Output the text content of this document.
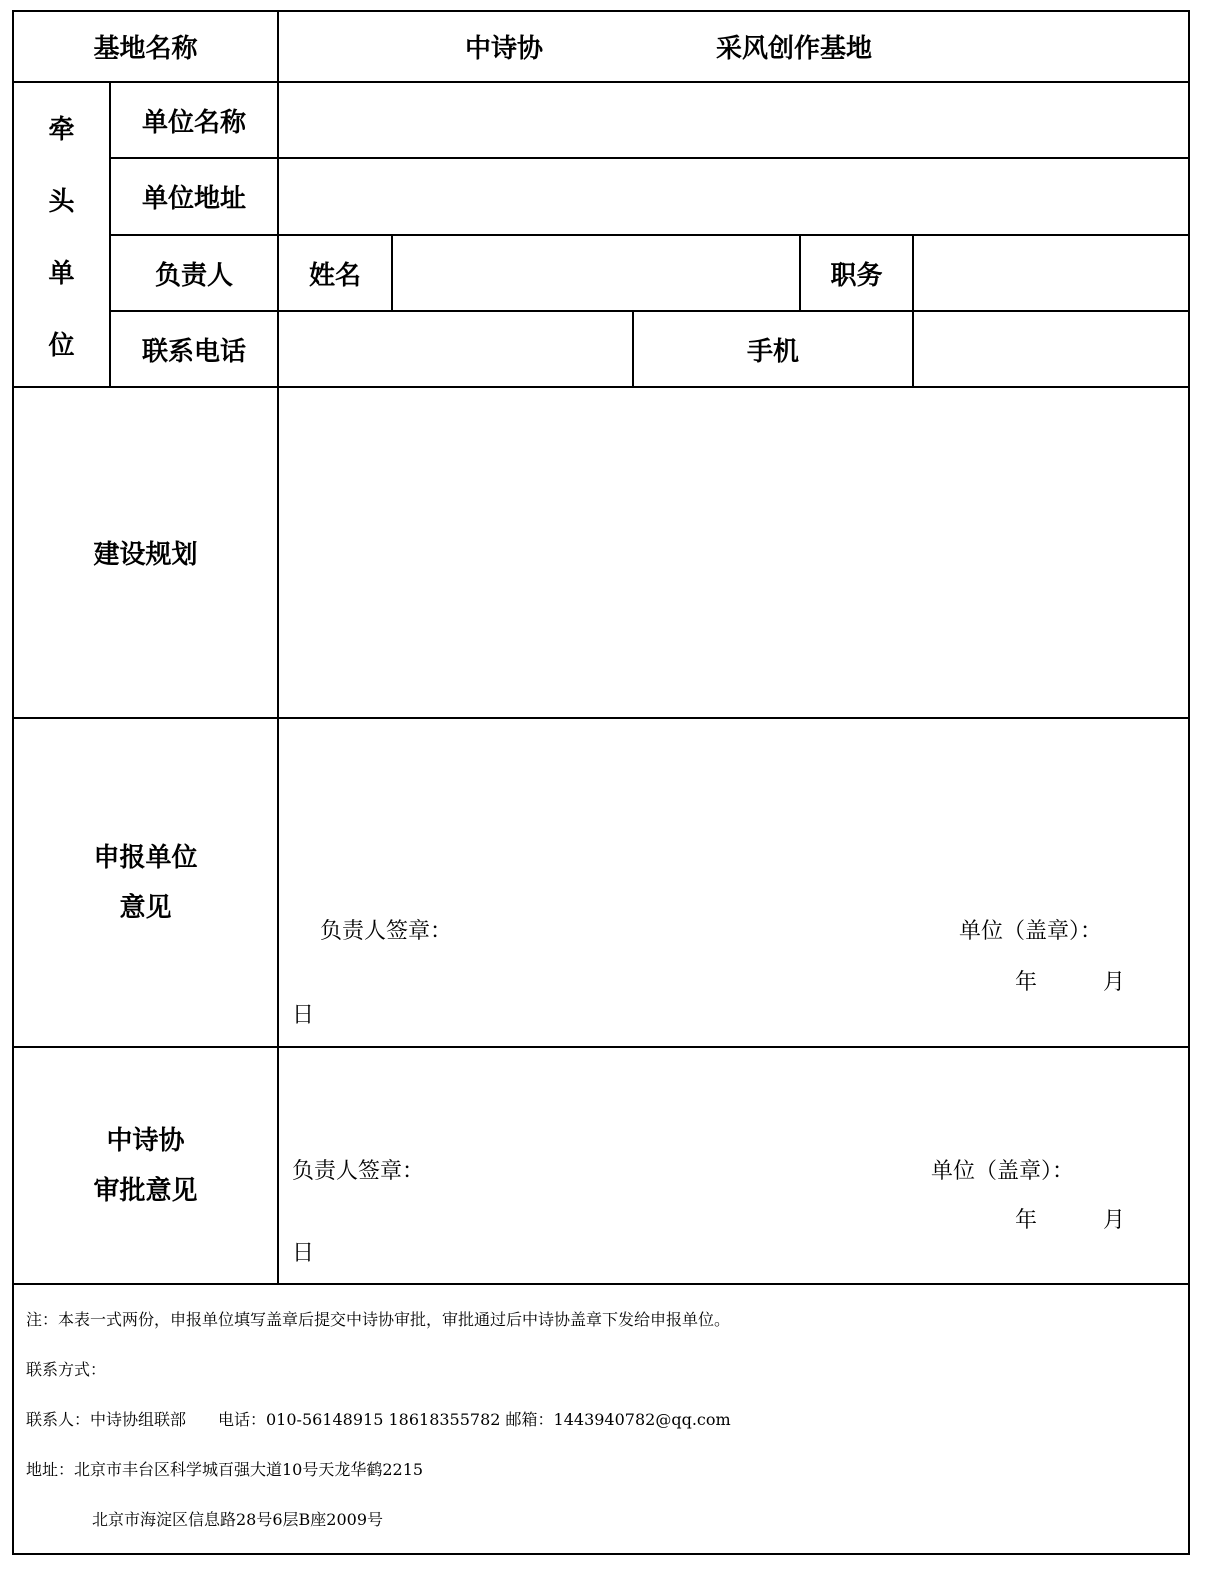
基地名称	中诗协	采风创作基地
牵
头
单
位
单位名称
单位地址
负责人	姓名	职务
联系电话	手机
建设规划
申报单位
意见
负责人签章：	单位（盖章）：
年	月
日
中诗协
审批意见
负责人签章：	单位（盖章）：
年	月
日
注：本表一式两份，申报单位填写盖章后提交中诗协审批，审批通过后中诗协盖章下发给申报单位。
联系方式：
联系人：中诗协组联部　　电话：010-56148915 18618355782 邮箱：1443940782@qq.com
地址：北京市丰台区科学城百强大道10号天龙华鹤2215
北京市海淀区信息路28号6层B座2009号
